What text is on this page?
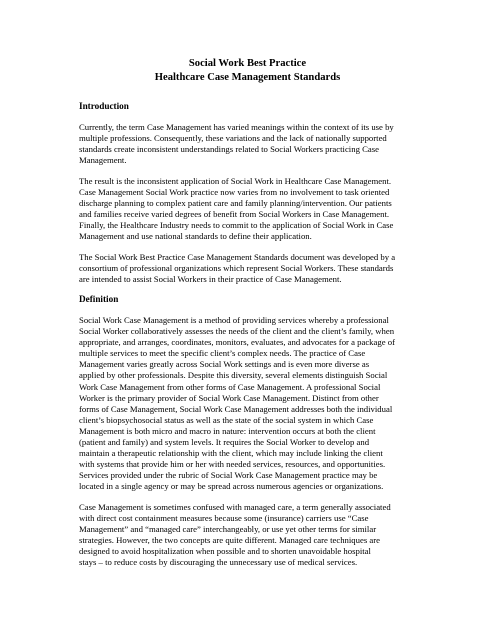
Social Work Best Practice

Healthcare Case Management Standards

Introduction

Currently, the term Case Management has varied meanings within the context of its use by
multiple professions. Consequently, these variations and the lack of nationally supported
standards create inconsistent understandings related to Social Workers practicing Case
Management.

The result is the inconsistent application of Social Work in Healthcare Case Management.
Case Management Social Work practice now varies from no involvement to task oriented
discharge planning to complex patient care and family planning/intervention. Our patients
and families receive varied degrees of benefit from Social Workers in Case Management.
Finally, the Healthcare Industry needs to commit to the application of Social Work in Case
Management and use national standards to define their application.

The Social Work Best Practice Case Management Standards document was developed by a
consortium of professional organizations which represent Social Workers. These standards
are intended to assist Social Workers in their practice of Case Management.

Definition

Social Work Case Management is a method of providing services whereby a professional
Social Worker collaboratively assesses the needs of the client and the client’s family, when
appropriate, and arranges, coordinates, monitors, evaluates, and advocates for a package of
multiple services to meet the specific client’s complex needs. The practice of Case
Management varies greatly across Social Work settings and is even more diverse as
applied by other professionals. Despite this diversity, several elements distinguish Social
Work Case Management from other forms of Case Management. A professional Social
Worker is the primary provider of Social Work Case Management. Distinct from other
forms of Case Management, Social Work Case Management addresses both the individual
client’s biopsychosocial status as well as the state of the social system in which Case
Management is both micro and macro in nature: intervention occurs at both the client
(patient and family) and system levels. It requires the Social Worker to develop and
maintain a therapeutic relationship with the client, which may include linking the client
with systems that provide him or her with needed services, resources, and opportunities.
Services provided under the rubric of Social Work Case Management practice may be
located in a single agency or may be spread across numerous agencies or organizations.

Case Management is sometimes confused with managed care, a term generally associated
with direct cost containment measures because some (insurance) carriers use “Case
Management” and “managed care” interchangeably, or use yet other terms for similar
strategies. However, the two concepts are quite different. Managed care techniques are
designed to avoid hospitalization when possible and to shorten unavoidable hospital
stays – to reduce costs by discouraging the unnecessary use of medical services.
